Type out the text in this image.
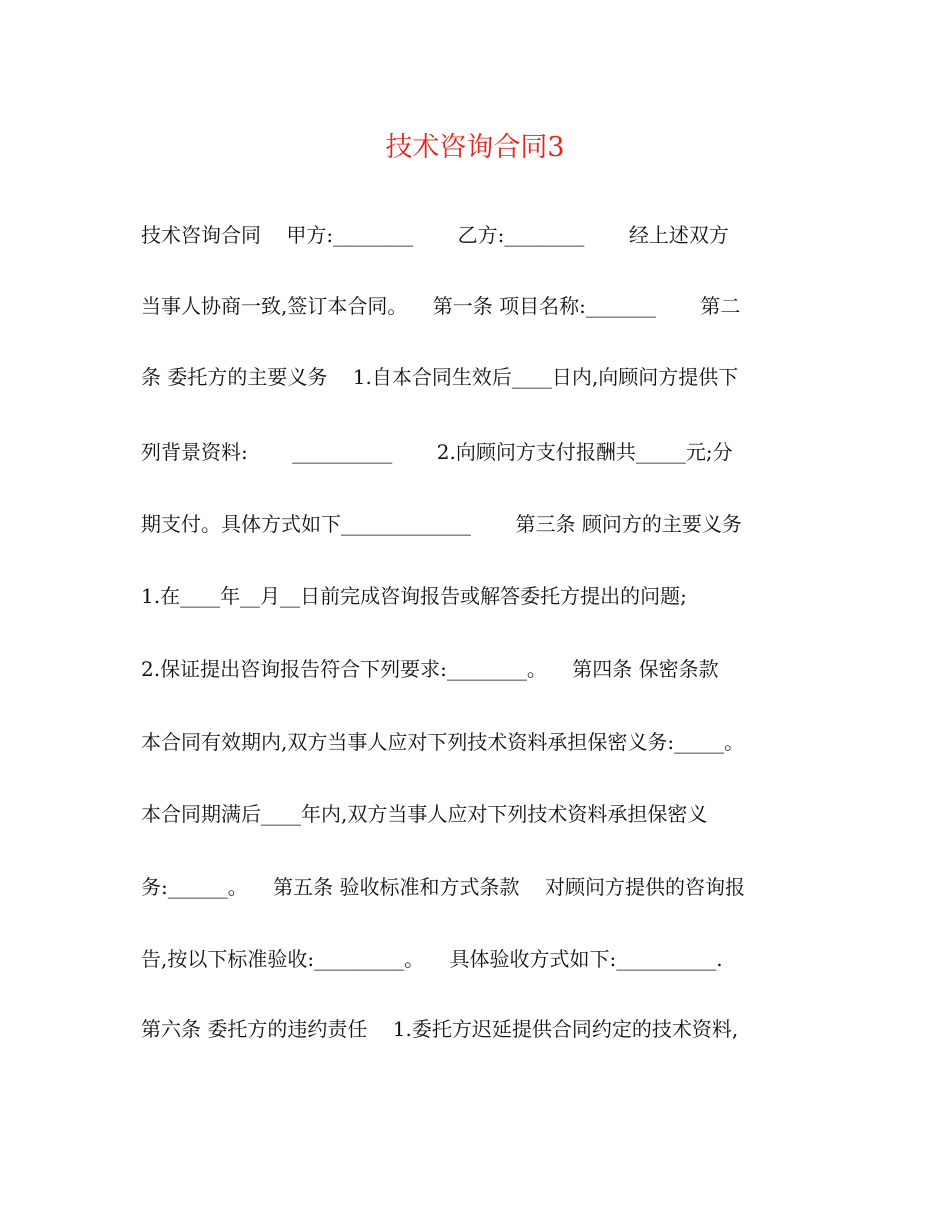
技术咨询合同3
技术咨询合同    甲方:________       乙方:________       经上述双方
当事人协商一致,签订本合同。    第一条 项目名称:_______       第二
条 委托方的主要义务    1.自本合同生效后____日内,向顾问方提供下
列背景资料:       __________       2.向顾问方支付报酬共_____元;分
期支付。具体方式如下_____________       第三条 顾问方的主要义务
1.在____年__月__日前完成咨询报告或解答委托方提出的问题;
2.保证提出咨询报告符合下列要求:________。    第四条 保密条款
本合同有效期内,双方当事人应对下列技术资料承担保密义务:_____。
本合同期满后____年内,双方当事人应对下列技术资料承担保密义
务:______。    第五条 验收标准和方式条款    对顾问方提供的咨询报
告,按以下标准验收:_________。    具体验收方式如下:__________.
第六条 委托方的违约责任    1.委托方迟延提供合同约定的技术资料,
